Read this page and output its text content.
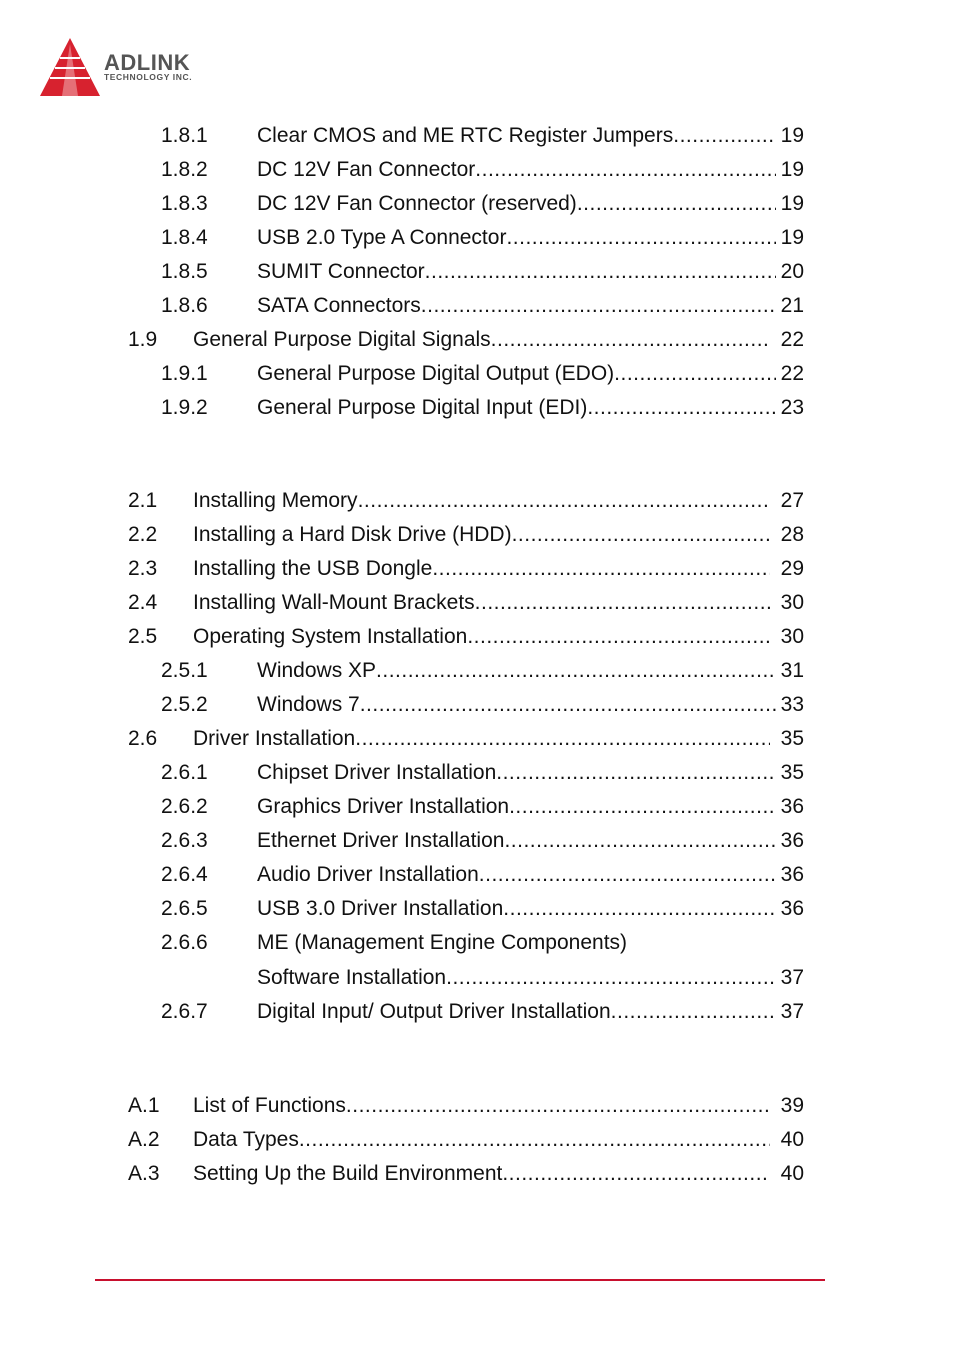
ADLINK
TECHNOLOGY INC.
1.8.1 Clear CMOS and ME RTC Register Jumpers .....	19
1.8.2 DC 12V Fan Connector .....	19
1.8.3 DC 12V Fan Connector (reserved) .....	19
1.8.4 USB 2.0 Type A Connector .....	19
1.8.5 SUMIT Connector .....	20
1.8.6 SATA Connectors .....	21
1.9 General Purpose Digital Signals .....	22
1.9.1 General Purpose Digital Output (EDO) .....	22
1.9.2 General Purpose Digital Input (EDI) .....	23
2.1 Installing Memory .....	27
2.2 Installing a Hard Disk Drive (HDD) .....	28
2.3 Installing the USB Dongle .....	29
2.4 Installing Wall-Mount Brackets .....	30
2.5 Operating System Installation .....	30
2.5.1 Windows XP .....	31
2.5.2 Windows 7 .....	33
2.6 Driver Installation .....	35
2.6.1 Chipset Driver Installation .....	35
2.6.2 Graphics Driver Installation .....	36
2.6.3 Ethernet Driver Installation .....	36
2.6.4 Audio Driver Installation .....	36
2.6.5 USB 3.0 Driver Installation .....	36
2.6.6 ME (Management Engine Components)
Software Installation .....	37
2.6.7 Digital Input/ Output Driver Installation .....	37
A.1 List of Functions .....	39
A.2 Data Types .....	40
A.3 Setting Up the Build Environment .....	40
